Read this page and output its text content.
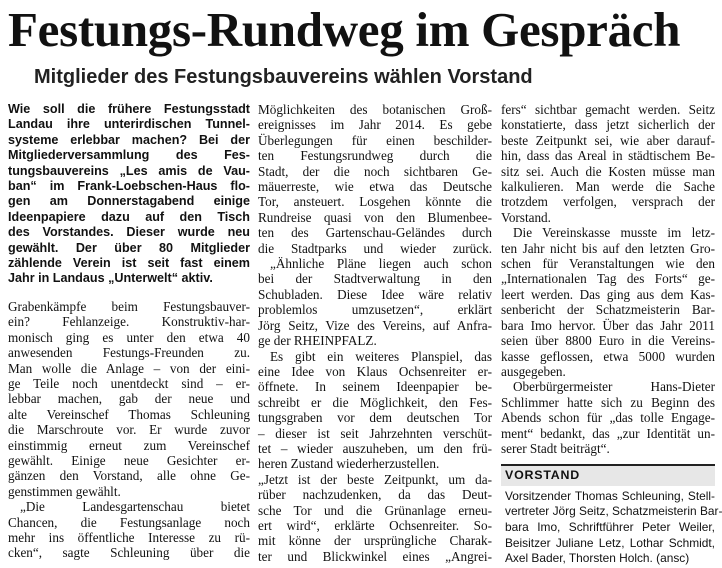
Festungs-Rundweg im Gespräch
Mitglieder des Festungsbauvereins wählen Vorstand
Wie soll die frühere Festungsstadt
Landau ihre unterirdischen Tunnel-
systeme erlebbar machen? Bei der
Mitgliederversammlung des Fes-
tungsbauvereins „Les amis de Vau-
ban“ im Frank-Loebschen-Haus flo-
gen am Donnerstagabend einige
Ideenpapiere dazu auf den Tisch
des Vorstandes. Dieser wurde neu
gewählt. Der über 80 Mitglieder
zählende Verein ist seit fast einem
Jahr in Landaus „Unterwelt“ aktiv.
Grabenkämpfe beim Festungsbauver-
ein? Fehlanzeige. Konstruktiv-har-
monisch ging es unter den etwa 40
anwesenden Festungs-Freunden zu.
Man wolle die Anlage – von der eini-
ge Teile noch unentdeckt sind – er-
lebbar machen, gab der neue und
alte Vereinschef Thomas Schleuning
die Marschroute vor. Er wurde zuvor
einstimmig erneut zum Vereinschef
gewählt. Einige neue Gesichter er-
gänzen den Vorstand, alle ohne Ge-
genstimmen gewählt.
„Die Landesgartenschau bietet
Chancen, die Festungsanlage noch
mehr ins öffentliche Interesse zu rü-
cken“, sagte Schleuning über die
Möglichkeiten des botanischen Groß-
ereignisses im Jahr 2014. Es gebe
Überlegungen für einen beschilder-
ten Festungsrundweg durch die
Stadt, der die noch sichtbaren Ge-
mäuerreste, wie etwa das Deutsche
Tor, ansteuert. Losgehen könnte die
Rundreise quasi von den Blumenbee-
ten des Gartenschau-Geländes durch
die Stadtparks und wieder zurück.
„Ähnliche Pläne liegen auch schon
bei der Stadtverwaltung in den
Schubladen. Diese Idee wäre relativ
problemlos umzusetzen“, erklärt
Jörg Seitz, Vize des Vereins, auf Anfra-
ge der RHEINPFALZ.
Es gibt ein weiteres Planspiel, das
eine Idee von Klaus Ochsenreiter er-
öffnete. In seinem Ideenpapier be-
schreibt er die Möglichkeit, den Fes-
tungsgraben vor dem deutschen Tor
– dieser ist seit Jahrzehnten verschüt-
tet – wieder auszuheben, um den frü-
heren Zustand wiederherzustellen.
„Jetzt ist der beste Zeitpunkt, um da-
rüber nachzudenken, da das Deut-
sche Tor und die Grünanlage erneu-
ert wird“, erklärte Ochsenreiter. So-
mit könne der ursprüngliche Charak-
ter und Blickwinkel eines „Angrei-
fers“ sichtbar gemacht werden. Seitz
konstatierte, dass jetzt sicherlich der
beste Zeitpunkt sei, wie aber darauf-
hin, dass das Areal in städtischem Be-
sitz sei. Auch die Kosten müsse man
kalkulieren. Man werde die Sache
trotzdem verfolgen, versprach der
Vorstand.
Die Vereinskasse musste im letz-
ten Jahr nicht bis auf den letzten Gro-
schen für Veranstaltungen wie den
„Internationalen Tag des Forts“ ge-
leert werden. Das ging aus dem Kas-
senbericht der Schatzmeisterin Bar-
bara Imo hervor. Über das Jahr 2011
seien über 8800 Euro in die Vereins-
kasse geflossen, etwa 5000 wurden
ausgegeben.
Oberbürgermeister Hans-Dieter
Schlimmer hatte sich zu Beginn des
Abends schon für „das tolle Engage-
ment“ bedankt, das „zur Identität un-
serer Stadt beiträgt“.
VORSTAND
Vorsitzender Thomas Schleuning, Stell-
vertreter Jörg Seitz, Schatzmeisterin Bar-
bara Imo, Schriftführer Peter Weiler,
Beisitzer Juliane Letz, Lothar Schmidt,
Axel Bader, Thorsten Holch. (ansc)
